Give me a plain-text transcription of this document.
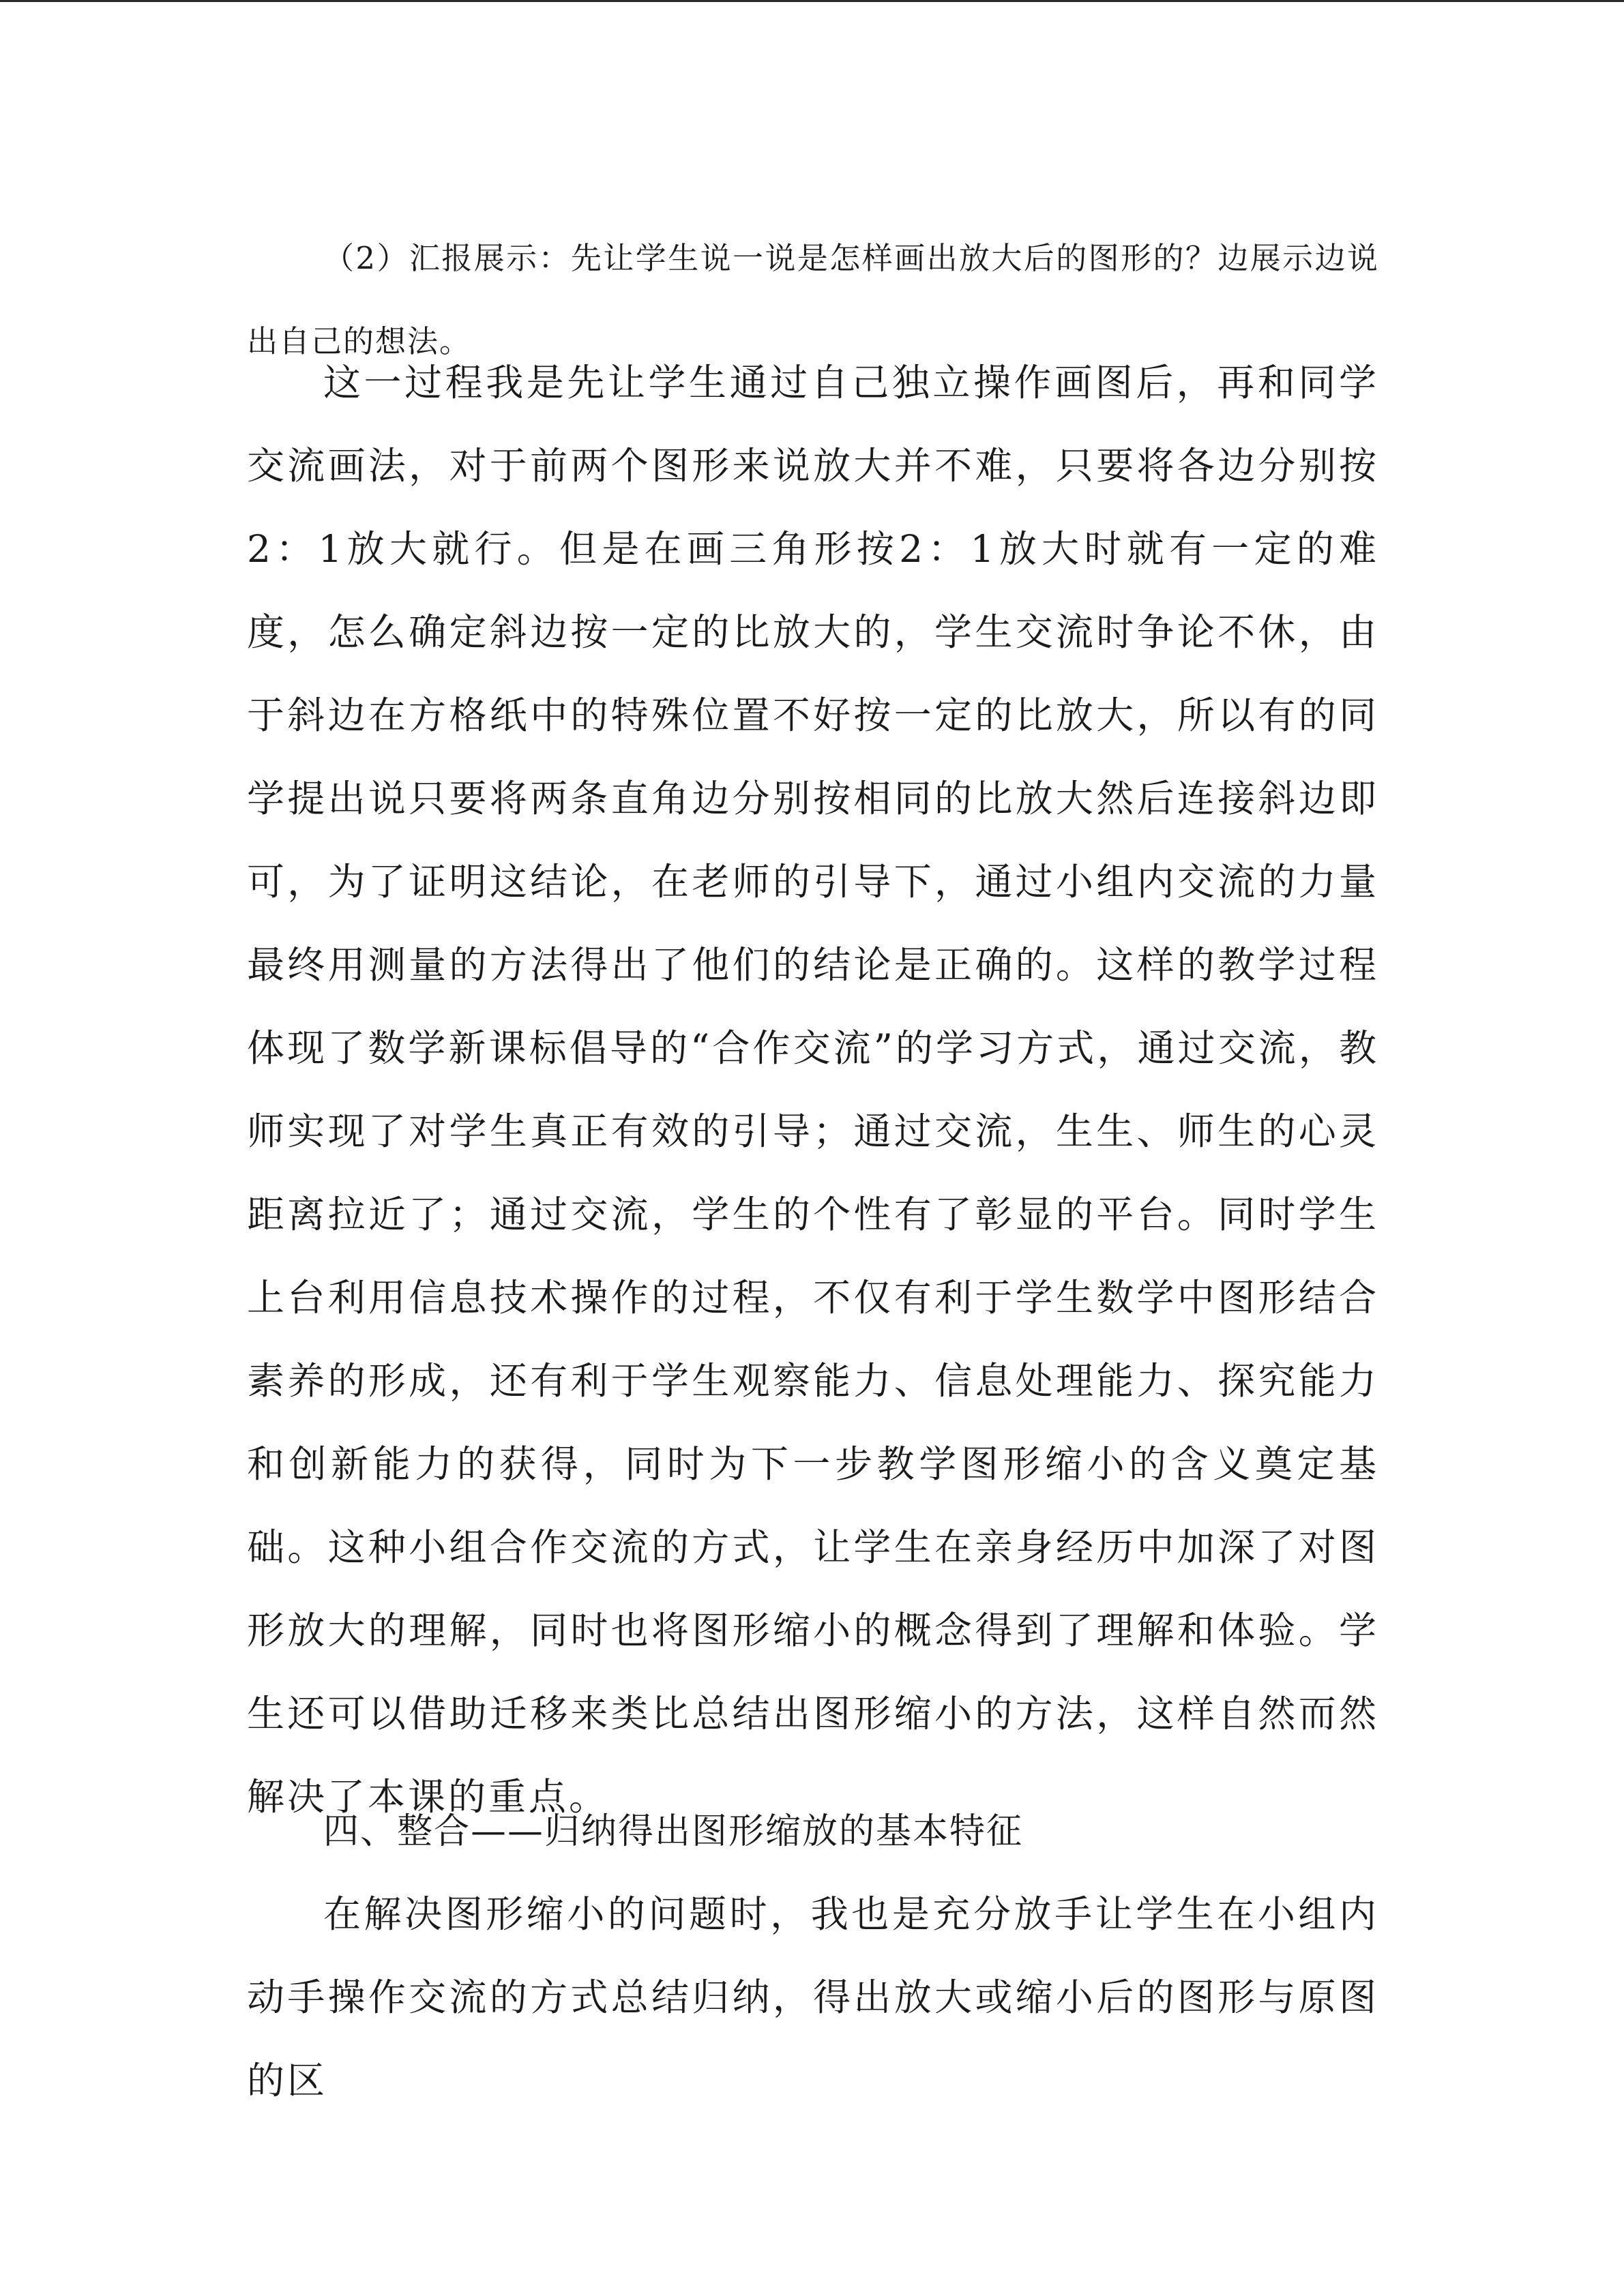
（2）汇报展示：先让学生说一说是怎样画出放大后的图形的？边展示边说出自己的想法。

这一过程我是先让学生通过自己独立操作画图后，再和同学交流画法，对于前两个图形来说放大并不难，只要将各边分别按2：1放大就行。但是在画三角形按2：1放大时就有一定的难度，怎么确定斜边按一定的比放大的，学生交流时争论不休，由于斜边在方格纸中的特殊位置不好按一定的比放大，所以有的同学提出说只要将两条直角边分别按相同的比放大然后连接斜边即可，为了证明这结论，在老师的引导下，通过小组内交流的力量最终用测量的方法得出了他们的结论是正确的。这样的教学过程体现了数学新课标倡导的“合作交流”的学习方式，通过交流，教师实现了对学生真正有效的引导；通过交流，生生、师生的心灵距离拉近了；通过交流，学生的个性有了彰显的平台。同时学生上台利用信息技术操作的过程，不仅有利于学生数学中图形结合素养的形成，还有利于学生观察能力、信息处理能力、探究能力和创新能力的获得，同时为下一步教学图形缩小的含义奠定基础。这种小组合作交流的方式，让学生在亲身经历中加深了对图形放大的理解，同时也将图形缩小的概念得到了理解和体验。学生还可以借助迁移来类比总结出图形缩小的方法，这样自然而然解决了本课的重点。

四、整合——归纳得出图形缩放的基本特征

在解决图形缩小的问题时，我也是充分放手让学生在小组内动手操作交流的方式总结归纳，得出放大或缩小后的图形与原图的区
